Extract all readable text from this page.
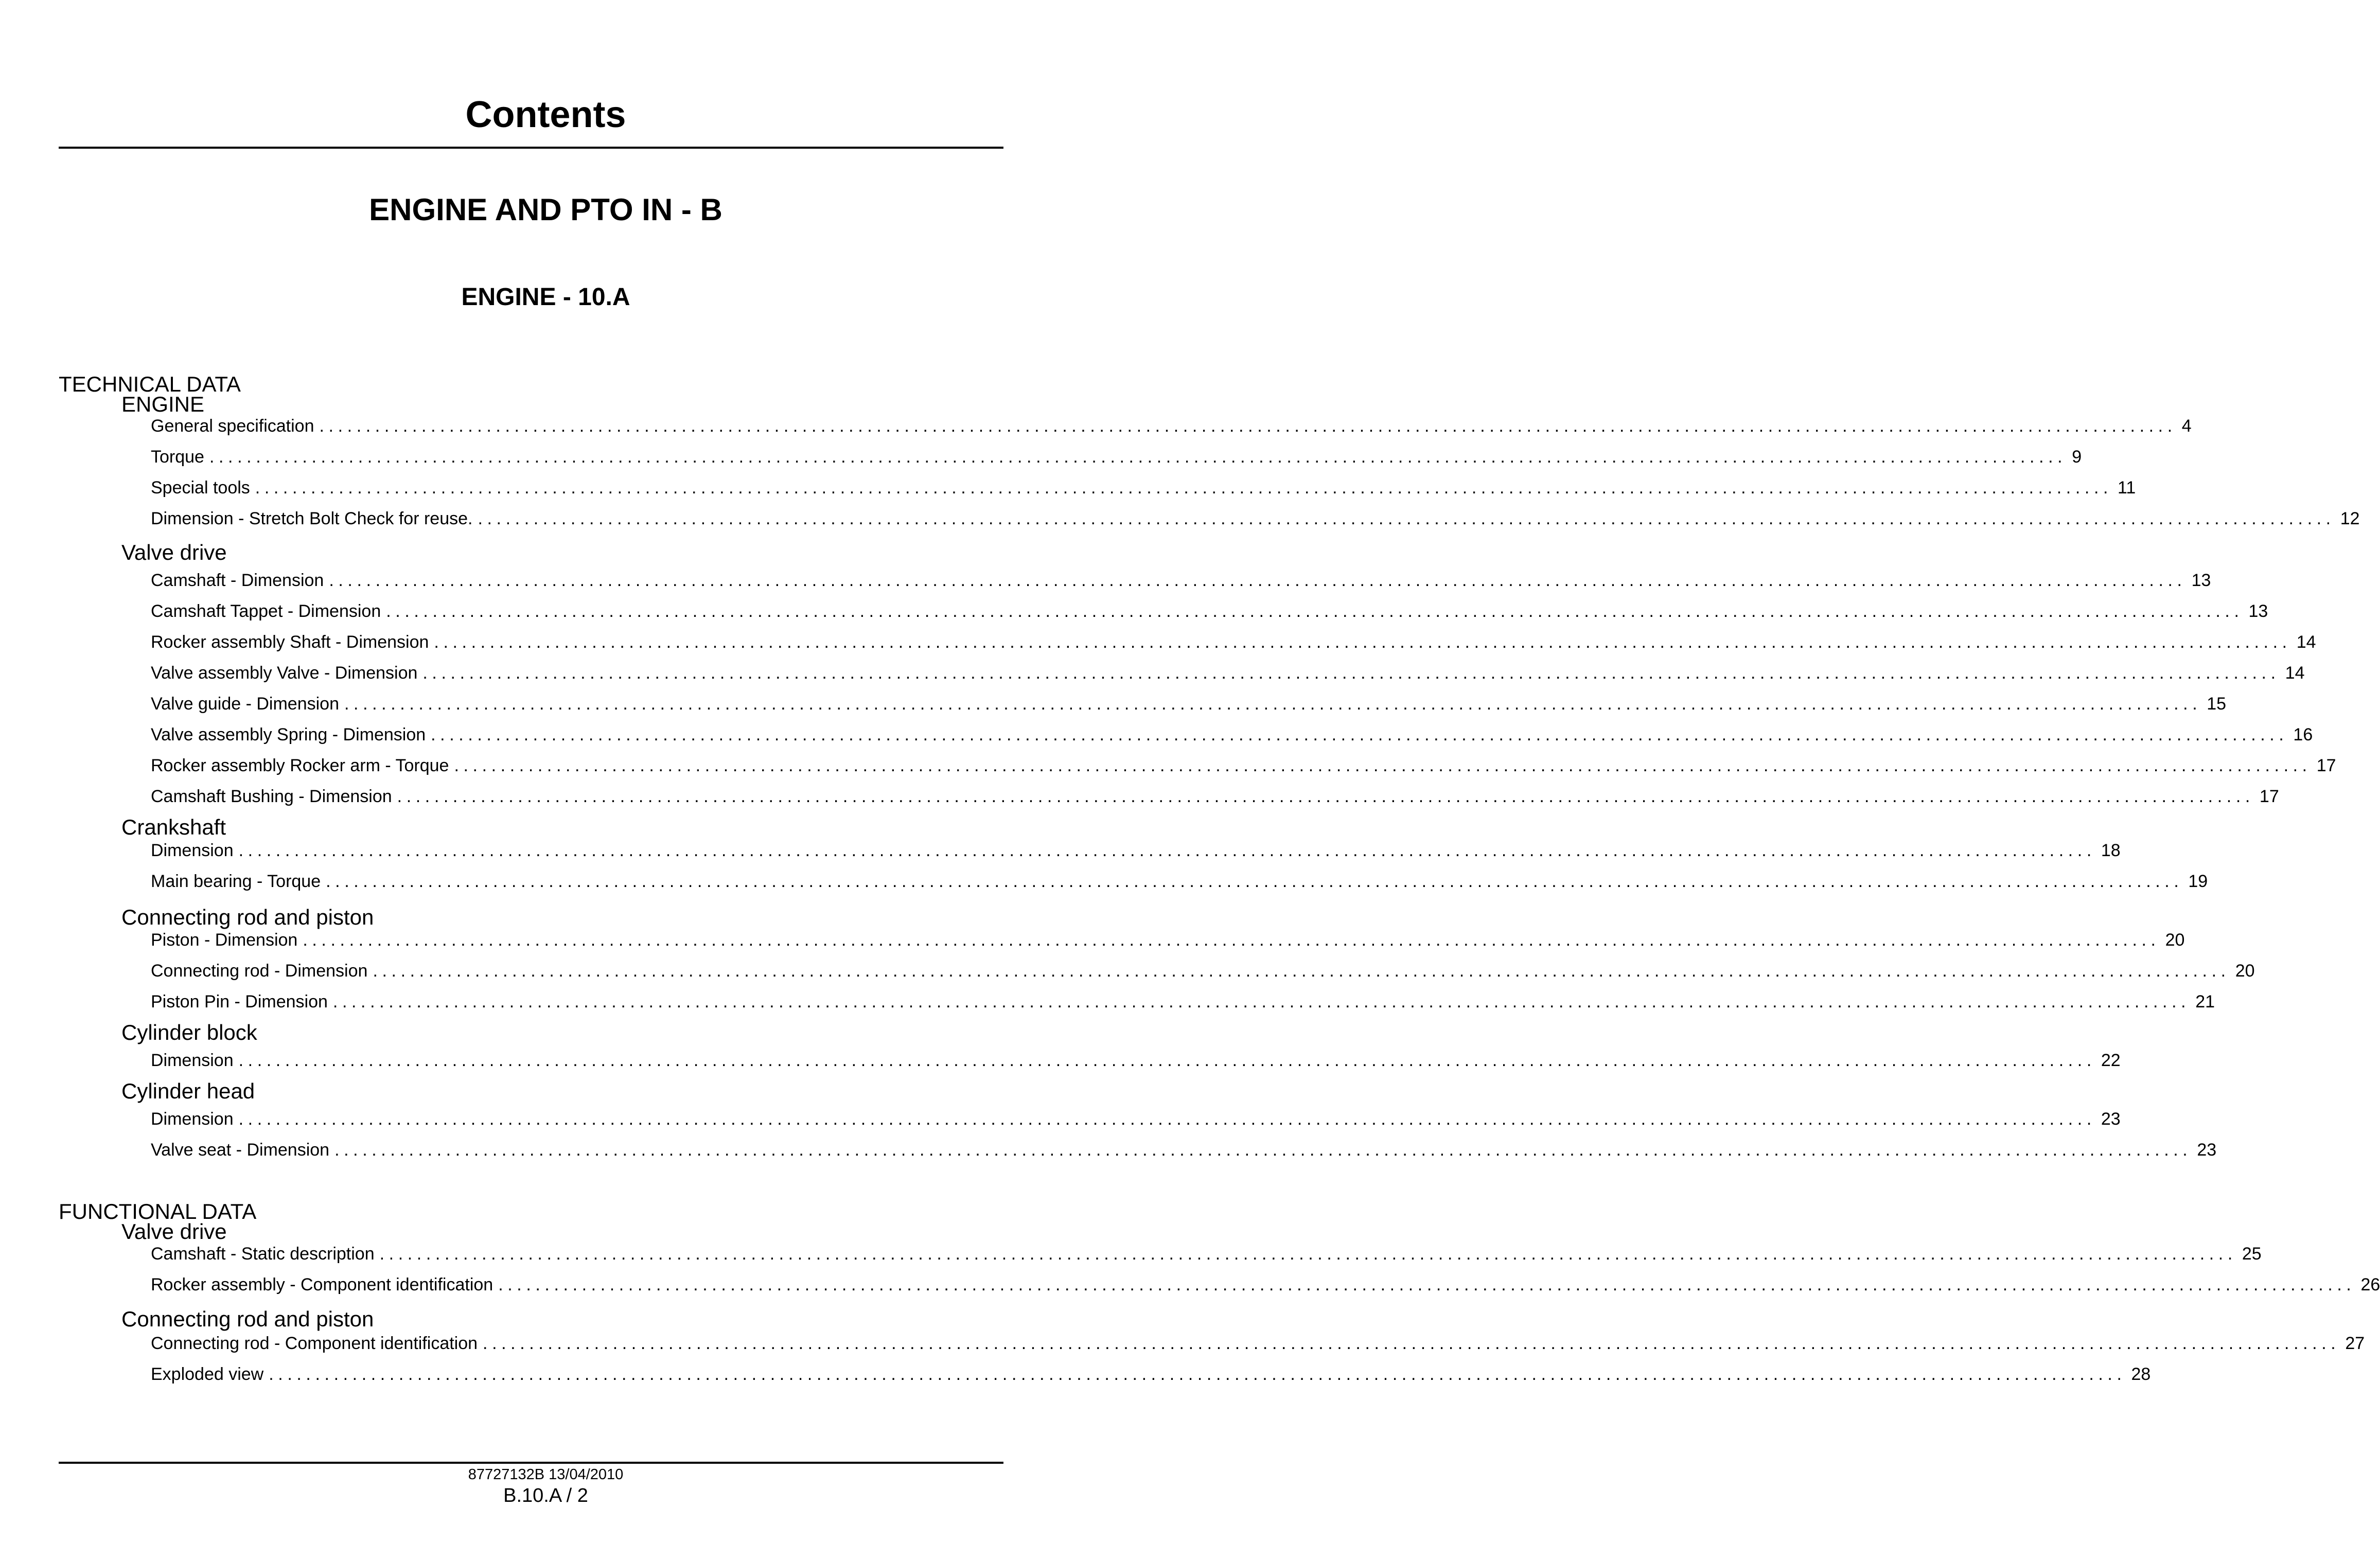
Contents
ENGINE AND PTO IN - B
ENGINE - 10.A
TECHNICAL DATA
ENGINE
General specification ........................................................................................................................................................................................................ 4
Torque ........................................................................................................................................................................................................ 9
Special tools ........................................................................................................................................................................................................ 11
Dimension - Stretch Bolt Check for reuse. ........................................................................................................................................................................................................ 12
Valve drive
Camshaft - Dimension ........................................................................................................................................................................................................ 13
Camshaft Tappet - Dimension ........................................................................................................................................................................................................ 13
Rocker assembly Shaft - Dimension ........................................................................................................................................................................................................ 14
Valve assembly Valve - Dimension ........................................................................................................................................................................................................ 14
Valve guide - Dimension ........................................................................................................................................................................................................ 15
Valve assembly Spring - Dimension ........................................................................................................................................................................................................ 16
Rocker assembly Rocker arm - Torque ........................................................................................................................................................................................................ 17
Camshaft Bushing - Dimension ........................................................................................................................................................................................................ 17
Crankshaft
Dimension ........................................................................................................................................................................................................ 18
Main bearing - Torque ........................................................................................................................................................................................................ 19
Connecting rod and piston
Piston - Dimension ........................................................................................................................................................................................................ 20
Connecting rod - Dimension ........................................................................................................................................................................................................ 20
Piston Pin - Dimension ........................................................................................................................................................................................................ 21
Cylinder block
Dimension ........................................................................................................................................................................................................ 22
Cylinder head
Dimension ........................................................................................................................................................................................................ 23
Valve seat - Dimension ........................................................................................................................................................................................................ 23
FUNCTIONAL DATA
Valve drive
Camshaft - Static description ........................................................................................................................................................................................................ 25
Rocker assembly - Component identification ........................................................................................................................................................................................................ 26
Connecting rod and piston
Connecting rod - Component identification ........................................................................................................................................................................................................ 27
Exploded view ........................................................................................................................................................................................................ 28
87727132B 13/04/2010
B.10.A / 2
